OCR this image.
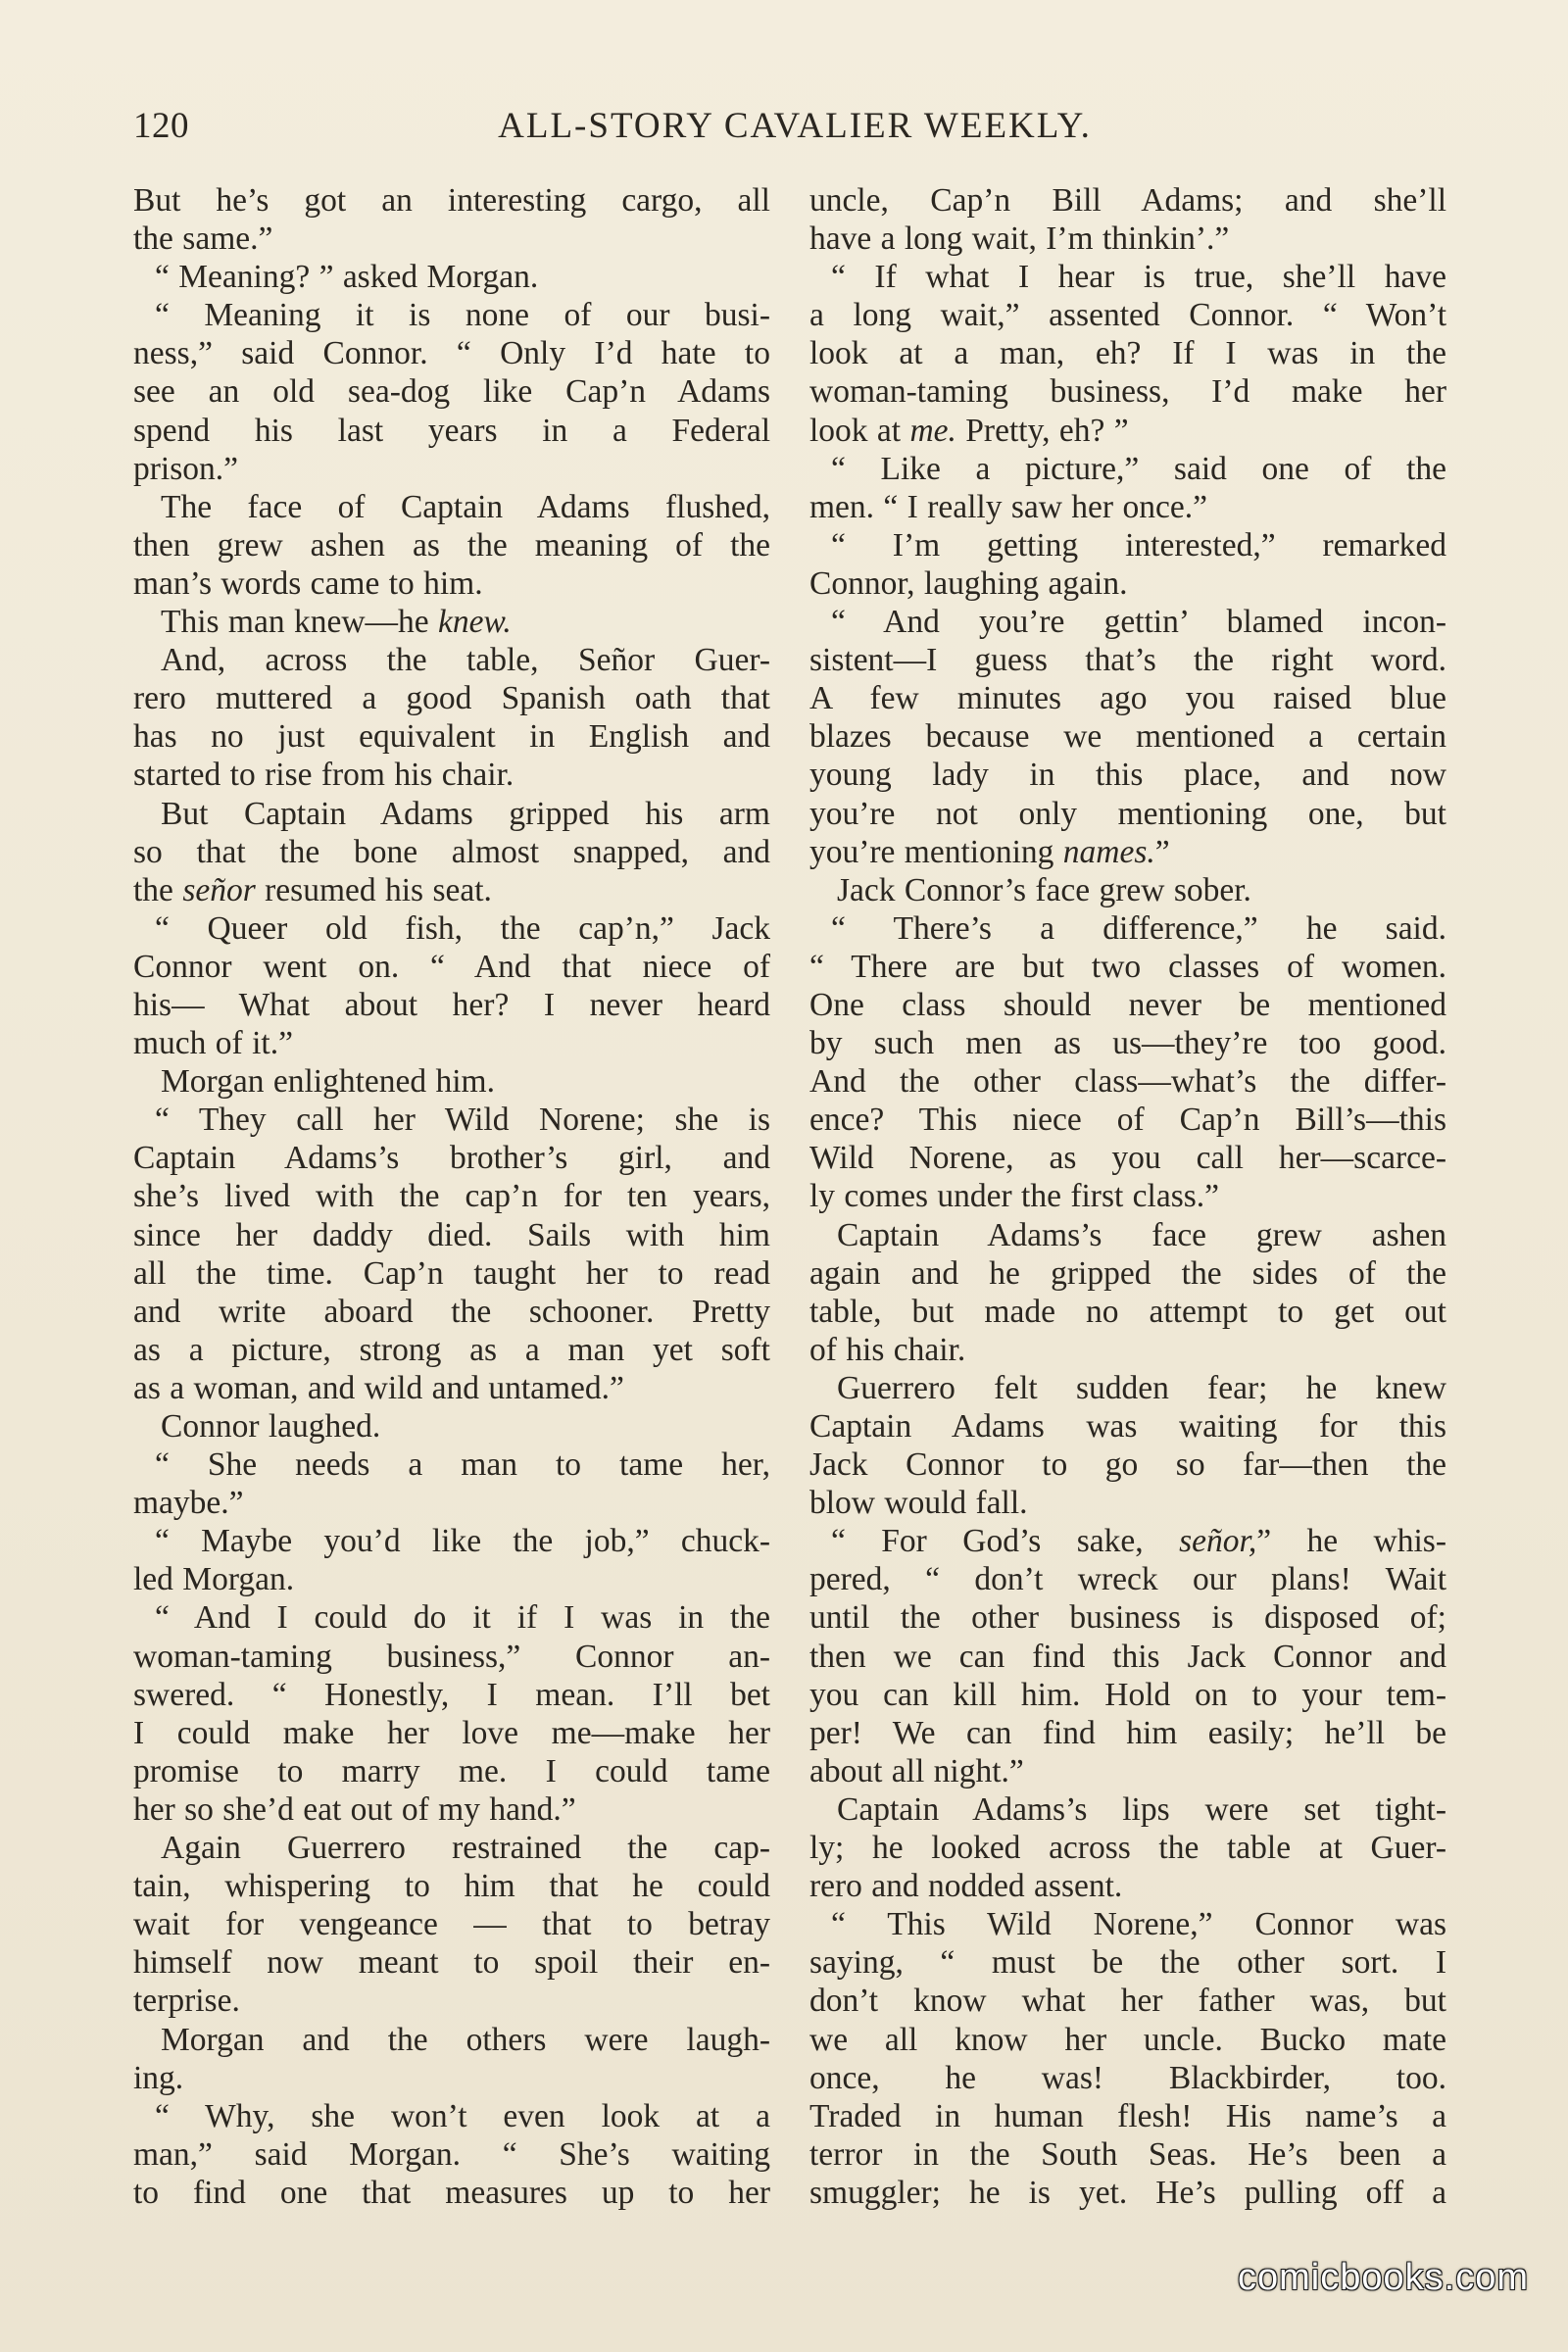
120	ALL-STORY CAVALIER WEEKLY.
But he’s got an interesting cargo, all
the same.”
“ Meaning? ” asked Morgan.
“ Meaning it is none of our busi-
ness,” said Connor. “ Only I’d hate to
see an old sea-dog like Cap’n Adams
spend his last years in a Federal
prison.”
The face of Captain Adams flushed,
then grew ashen as the meaning of the
man’s words came to him.
This man knew—he knew.
And, across the table, Señor Guer-
rero muttered a good Spanish oath that
has no just equivalent in English and
started to rise from his chair.
But Captain Adams gripped his arm
so that the bone almost snapped, and
the señor resumed his seat.
“ Queer old fish, the cap’n,” Jack
Connor went on. “ And that niece of
his— What about her? I never heard
much of it.”
Morgan enlightened him.
“ They call her Wild Norene; she is
Captain Adams’s brother’s girl, and
she’s lived with the cap’n for ten years,
since her daddy died. Sails with him
all the time. Cap’n taught her to read
and write aboard the schooner. Pretty
as a picture, strong as a man yet soft
as a woman, and wild and untamed.”
Connor laughed.
“ She needs a man to tame her,
maybe.”
“ Maybe you’d like the job,” chuck-
led Morgan.
“ And I could do it if I was in the
woman-taming business,” Connor an-
swered. “ Honestly, I mean. I’ll bet
I could make her love me—make her
promise to marry me. I could tame
her so she’d eat out of my hand.”
Again Guerrero restrained the cap-
tain, whispering to him that he could
wait for vengeance — that to betray
himself now meant to spoil their en-
terprise.
Morgan and the others were laugh-
ing.
“ Why, she won’t even look at a
man,” said Morgan. “ She’s waiting
to find one that measures up to her
uncle, Cap’n Bill Adams; and she’ll
have a long wait, I’m thinkin’.”
“ If what I hear is true, she’ll have
a long wait,” assented Connor. “ Won’t
look at a man, eh? If I was in the
woman-taming business, I’d make her
look at me. Pretty, eh? ”
“ Like a picture,” said one of the
men. “ I really saw her once.”
“ I’m getting interested,” remarked
Connor, laughing again.
“ And you’re gettin’ blamed incon-
sistent—I guess that’s the right word.
A few minutes ago you raised blue
blazes because we mentioned a certain
young lady in this place, and now
you’re not only mentioning one, but
you’re mentioning names.”
Jack Connor’s face grew sober.
“ There’s a difference,” he said.
“ There are but two classes of women.
One class should never be mentioned
by such men as us—they’re too good.
And the other class—what’s the differ-
ence? This niece of Cap’n Bill’s—this
Wild Norene, as you call her—scarce-
ly comes under the first class.”
Captain Adams’s face grew ashen
again and he gripped the sides of the
table, but made no attempt to get out
of his chair.
Guerrero felt sudden fear; he knew
Captain Adams was waiting for this
Jack Connor to go so far—then the
blow would fall.
“ For God’s sake, señor,” he whis-
pered, “ don’t wreck our plans! Wait
until the other business is disposed of;
then we can find this Jack Connor and
you can kill him. Hold on to your tem-
per! We can find him easily; he’ll be
about all night.”
Captain Adams’s lips were set tight-
ly; he looked across the table at Guer-
rero and nodded assent.
“ This Wild Norene,” Connor was
saying, “ must be the other sort. I
don’t know what her father was, but
we all know her uncle. Bucko mate
once, he was! Blackbirder, too.
Traded in human flesh! His name’s a
terror in the South Seas. He’s been a
smuggler; he is yet. He’s pulling off a
comicbooks.com
